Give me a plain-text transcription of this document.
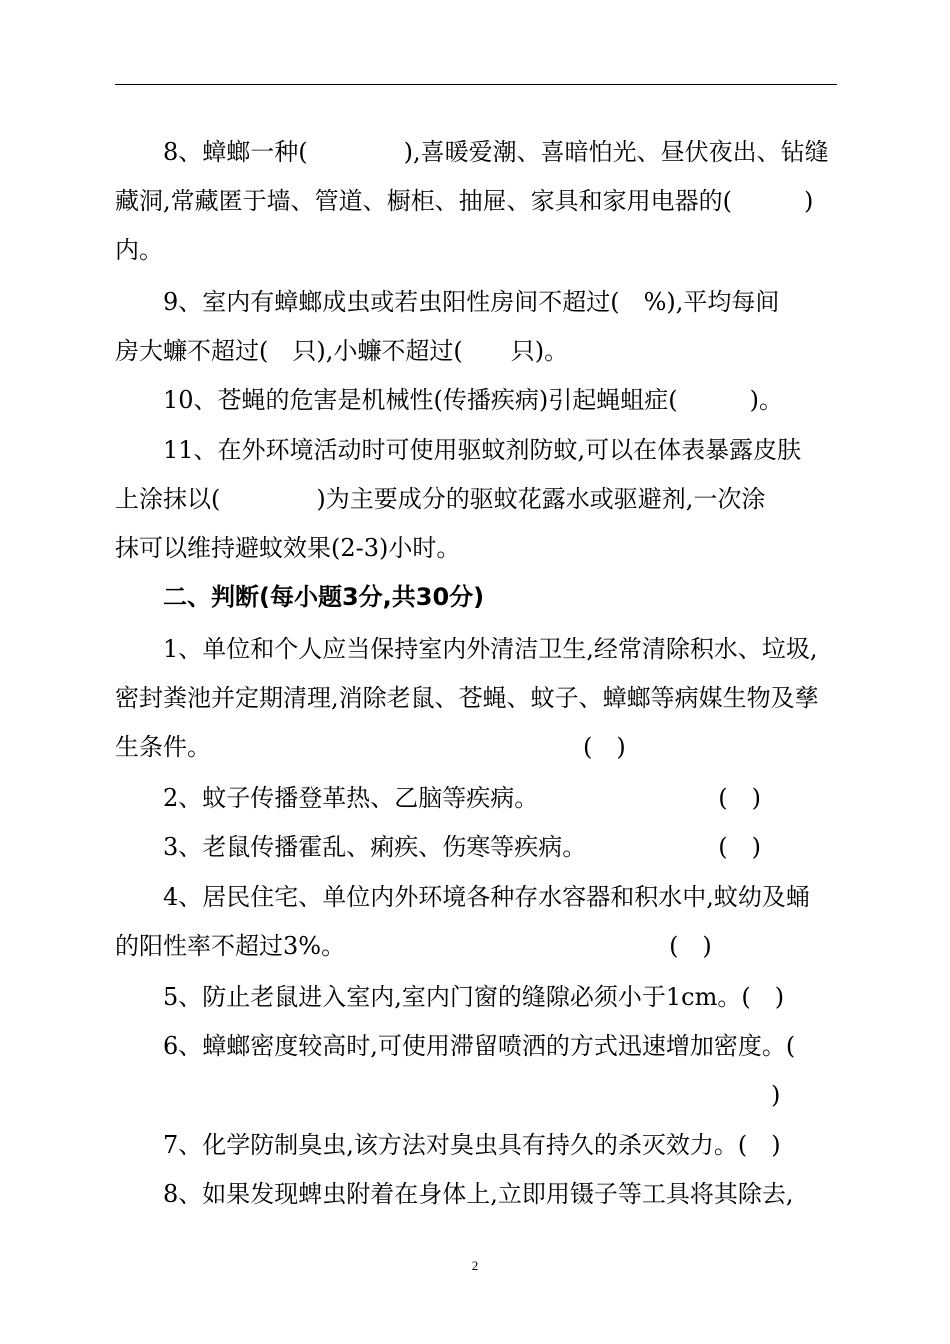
8、蟑螂一种(　　　　),喜暖爱潮、喜暗怕光、昼伏夜出、钻缝
藏洞,常藏匿于墙、管道、橱柜、抽屉、家具和家用电器的(　　　)
内。
9、室内有蟑螂成虫或若虫阳性房间不超过(　%),平均每间
房大蠊不超过(　只),小蠊不超过(　　只)。
10、苍蝇的危害是机械性(传播疾病)引起蝇蛆症(　　　)。
11、在外环境活动时可使用驱蚊剂防蚊,可以在体表暴露皮肤
上涂抹以(　　　　)为主要成分的驱蚊花露水或驱避剂,一次涂
抹可以维持避蚊效果(2-3)小时。
二、判断(每小题3分,共30分)
1、单位和个人应当保持室内外清洁卫生,经常清除积水、垃圾,
密封粪池并定期清理,消除老鼠、苍蝇、蚊子、蟑螂等病媒生物及孳
生条件。　　　　　　　　　　　　　　　　(　)
2、蚊子传播登革热、乙脑等疾病。　　　　　　　　(　)
3、老鼠传播霍乱、痢疾、伤寒等疾病。　　　　　　(　)
4、居民住宅、单位内外环境各种存水容器和积水中,蚊幼及蛹
的阳性率不超过3%。　　　　　　　　　　　　　　(　)
5、防止老鼠进入室内,室内门窗的缝隙必须小于1cm。(　)
6、蟑螂密度较高时,可使用滞留喷洒的方式迅速增加密度。(
)
7、化学防制臭虫,该方法对臭虫具有持久的杀灭效力。(　)
8、如果发现蜱虫附着在身体上,立即用镊子等工具将其除去,
2
